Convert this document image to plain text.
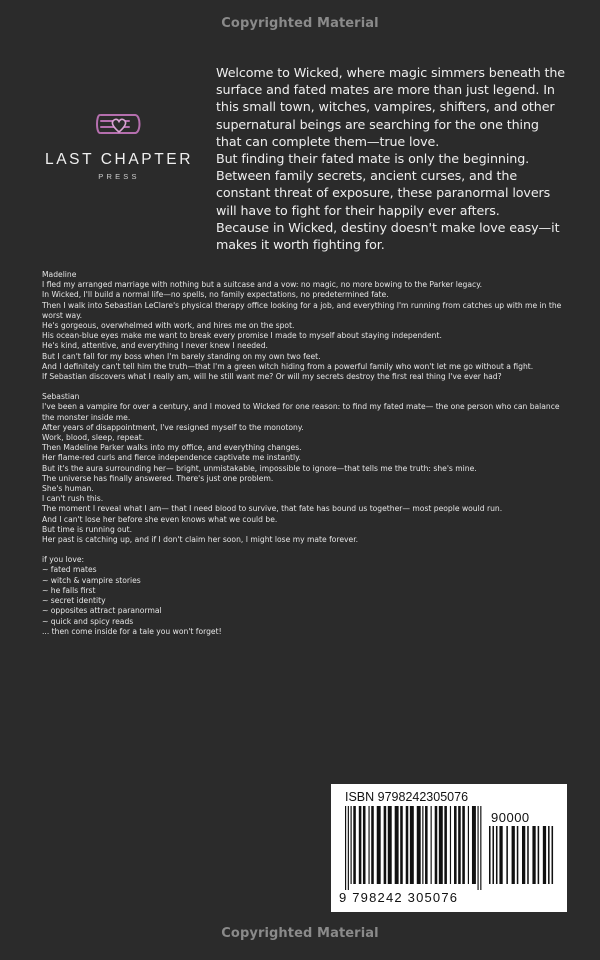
Copyrighted Material
LAST CHAPTER
PRESS

Welcome to Wicked, where magic simmers beneath the surface and fated mates are more than just legend. In this small town, witches, vampires, shifters, and other supernatural beings are searching for the one thing that can complete them—true love.

But finding their fated mate is only the beginning. Between family secrets, ancient curses, and the constant threat of exposure, these paranormal lovers will have to fight for their happily ever afters.

Because in Wicked, destiny doesn't make love easy—it makes it worth fighting for.

Madeline
I fled my arranged marriage with nothing but a suitcase and a vow: no magic, no more bowing to the Parker legacy.
In Wicked, I'll build a normal life—no spells, no family expectations, no predetermined fate.
Then I walk into Sebastian LeClare's physical therapy office looking for a job, and everything I'm running from catches up with me in the worst way.
He's gorgeous, overwhelmed with work, and hires me on the spot.
His ocean-blue eyes make me want to break every promise I made to myself about staying independent.
He's kind, attentive, and everything I never knew I needed.
But I can't fall for my boss when I'm barely standing on my own two feet.
And I definitely can't tell him the truth—that I'm a green witch hiding from a powerful family who won't let me go without a fight.
If Sebastian discovers what I really am, will he still want me? Or will my secrets destroy the first real thing I've ever had?
Sebastian
I've been a vampire for over a century, and I moved to Wicked for one reason: to find my fated mate— the one person who can balance the monster inside me.
After years of disappointment, I've resigned myself to the monotony.
Work, blood, sleep, repeat.
Then Madeline Parker walks into my office, and everything changes.
Her flame-red curls and fierce independence captivate me instantly.
But it's the aura surrounding her— bright, unmistakable, impossible to ignore—that tells me the truth: she's mine.
The universe has finally answered. There's just one problem.
She's human.
I can't rush this.
The moment I reveal what I am— that I need blood to survive, that fate has bound us together— most people would run.
And I can't lose her before she even knows what we could be.
But time is running out.
Her past is catching up, and if I don't claim her soon, I might lose my mate forever.
if you love:
~ fated mates
~ witch & vampire stories
~ he falls first
~ secret identity
~ opposites attract paranormal
~ quick and spicy reads
... then come inside for a tale you won't forget!
ISBN 9798242305076
90000
9 798242 305076
Copyrighted Material
